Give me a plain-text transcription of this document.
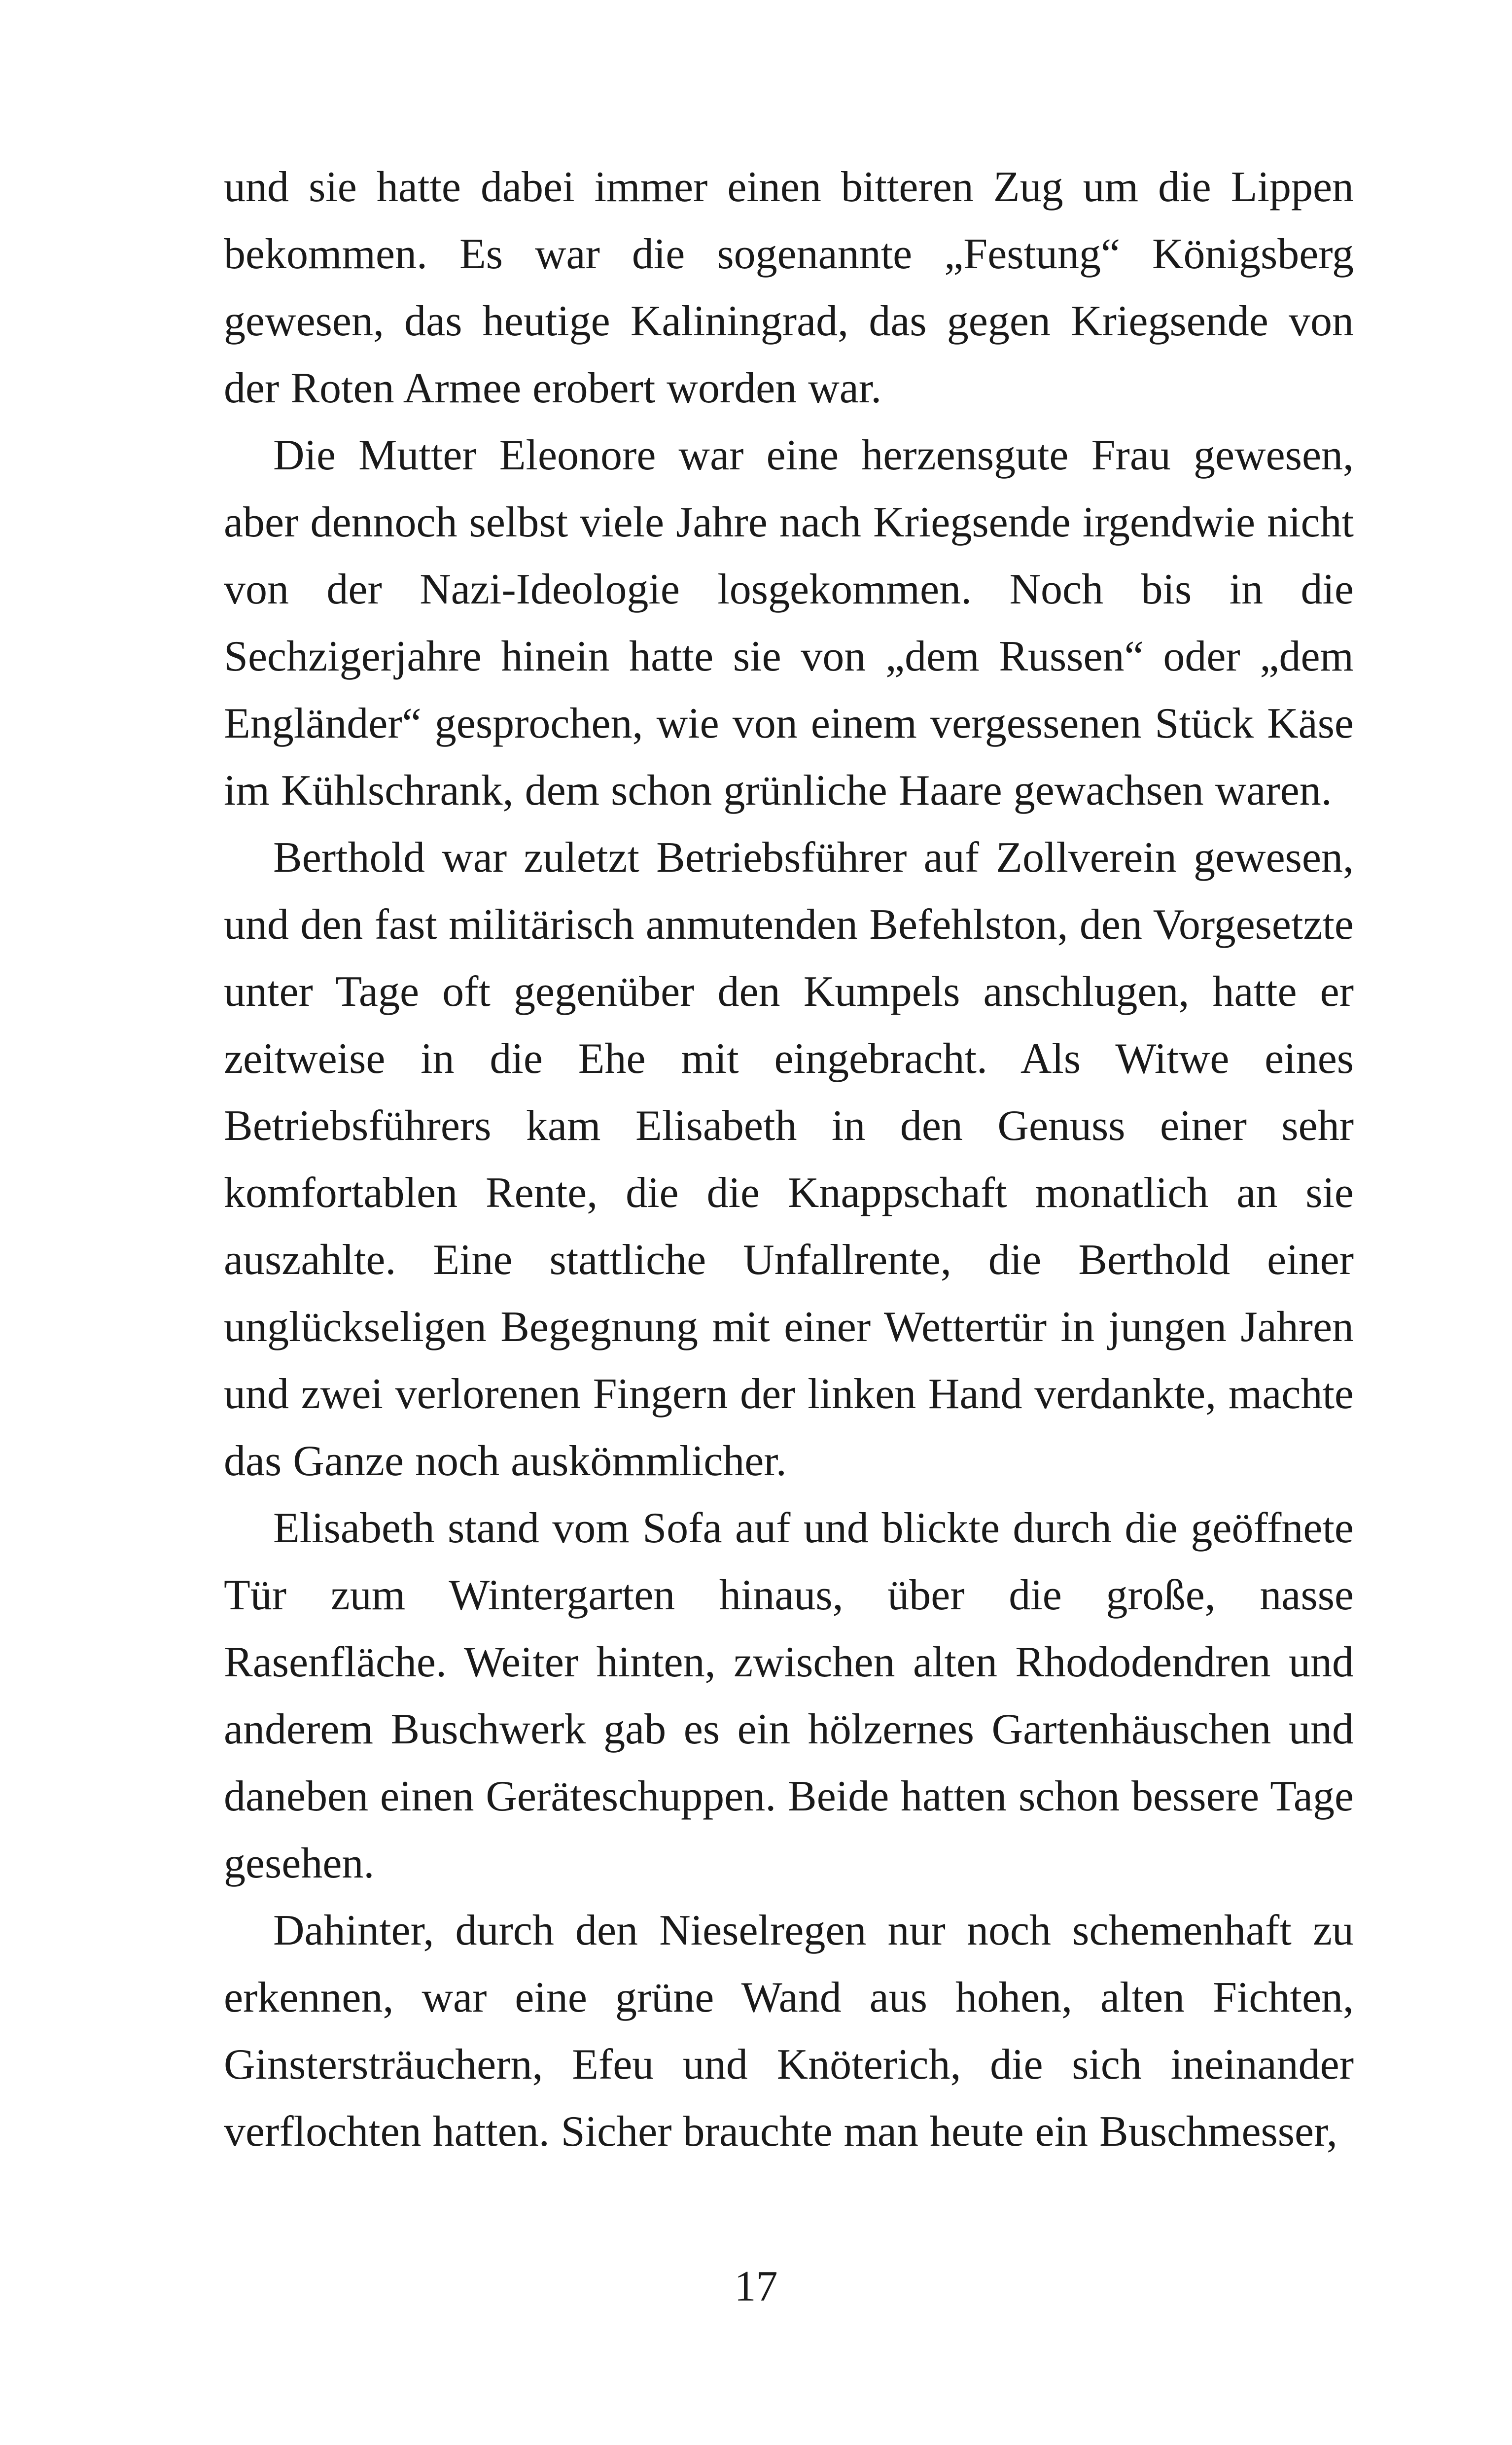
und sie hatte dabei immer einen bitteren Zug um die Lippen bekommen. Es war die sogenannte „Festung“ Königsberg gewesen, das heutige Kaliningrad, das gegen Kriegsende von der Roten Armee erobert worden war.

Die Mutter Eleonore war eine herzensgute Frau gewesen, aber dennoch selbst viele Jahre nach Kriegsende irgendwie nicht von der Nazi-Ideologie losgekommen. Noch bis in die Sechzigerjahre hinein hatte sie von „dem Russen“ oder „dem Engländer“ gesprochen, wie von einem vergessenen Stück Käse im Kühlschrank, dem schon grünliche Haare gewachsen waren.

Berthold war zuletzt Betriebsführer auf Zollverein gewesen, und den fast militärisch anmutenden Befehlston, den Vorgesetzte unter Tage oft gegenüber den Kumpels anschlugen, hatte er zeitweise in die Ehe mit eingebracht. Als Witwe eines Betriebsführers kam Elisabeth in den Genuss einer sehr komfortablen Rente, die die Knappschaft monatlich an sie auszahlte. Eine stattliche Unfallrente, die Berthold einer unglückseligen Begegnung mit einer Wettertür in jungen Jahren und zwei verlorenen Fingern der linken Hand verdankte, machte das Ganze noch auskömmlicher.

Elisabeth stand vom Sofa auf und blickte durch die geöffnete Tür zum Wintergarten hinaus, über die große, nasse Rasenfläche. Weiter hinten, zwischen alten Rhododendren und anderem Buschwerk gab es ein hölzernes Gartenhäuschen und daneben einen Geräteschuppen. Beide hatten schon bessere Tage gesehen.

Dahinter, durch den Nieselregen nur noch schemenhaft zu erkennen, war eine grüne Wand aus hohen, alten Fichten, Ginstersträuchern, Efeu und Knöterich, die sich ineinander verflochten hatten. Sicher brauchte man heute ein Buschmesser,

17
